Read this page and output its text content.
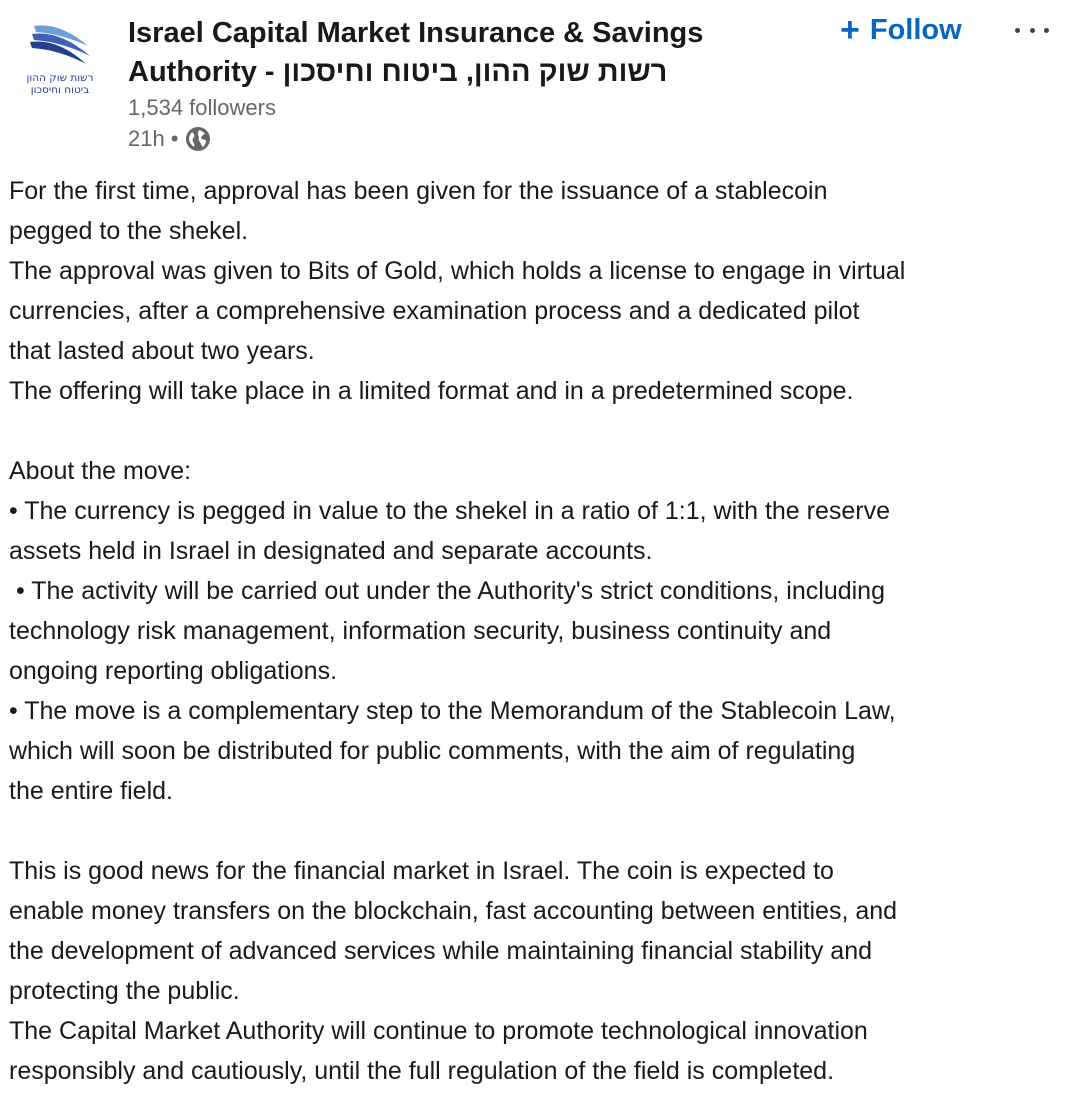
רשות שוק ההון
ביטוח וחיסכון
Israel Capital Market Insurance & Savings
Authority - רשות שוק ההון, ביטוח וחיסכון
1,534 followers
21h •
+ Follow
For the first time, approval has been given for the issuance of a stablecoin
pegged to the shekel.
The approval was given to Bits of Gold, which holds a license to engage in virtual
currencies, after a comprehensive examination process and a dedicated pilot
that lasted about two years.
The offering will take place in a limited format and in a predetermined scope.
About the move:
• The currency is pegged in value to the shekel in a ratio of 1:1, with the reserve
assets held in Israel in designated and separate accounts.
• The activity will be carried out under the Authority's strict conditions, including
technology risk management, information security, business continuity and
ongoing reporting obligations.
• The move is a complementary step to the Memorandum of the Stablecoin Law,
which will soon be distributed for public comments, with the aim of regulating
the entire field.
This is good news for the financial market in Israel. The coin is expected to
enable money transfers on the blockchain, fast accounting between entities, and
the development of advanced services while maintaining financial stability and
protecting the public.
The Capital Market Authority will continue to promote technological innovation
responsibly and cautiously, until the full regulation of the field is completed.
